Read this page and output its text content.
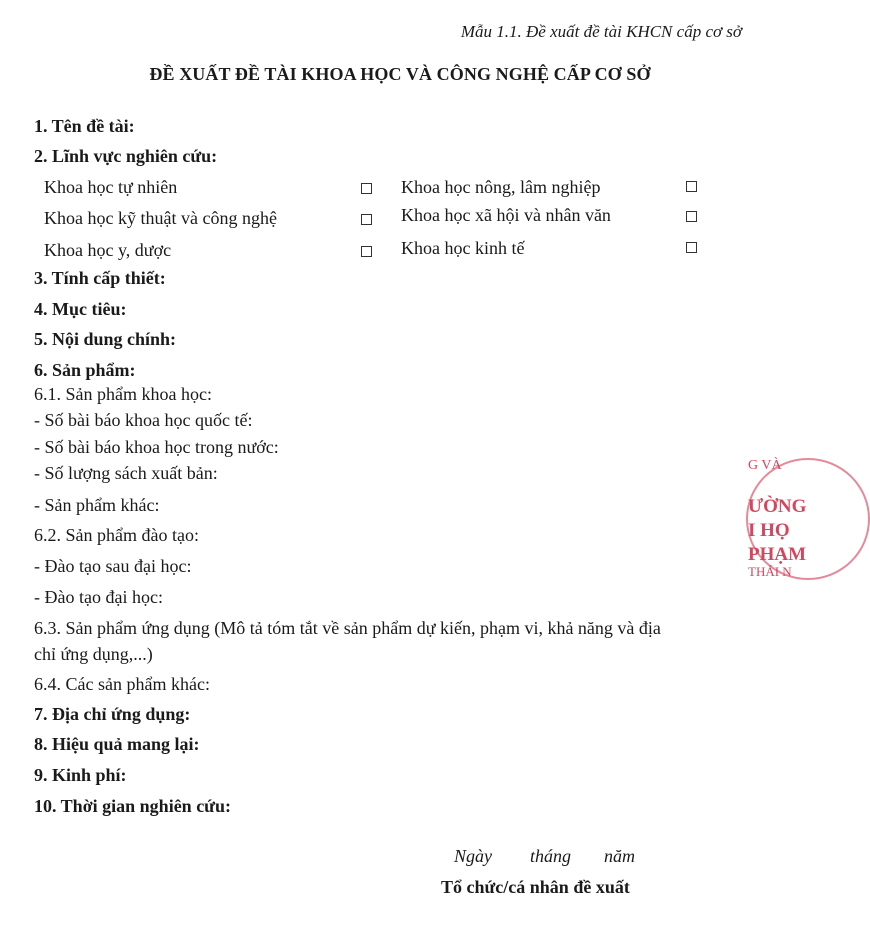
Mẫu 1.1. Đề xuất đề tài KHCN cấp cơ sở
ĐỀ XUẤT ĐỀ TÀI KHOA HỌC VÀ CÔNG NGHỆ CẤP CƠ SỞ
1. Tên đề tài:
2. Lĩnh vực nghiên cứu:
Khoa học tự nhiên	Khoa học nông, lâm nghiệp
Khoa học kỹ thuật và công nghệ	Khoa học xã hội và nhân văn
Khoa học y, dược	Khoa học kinh tế
3. Tính cấp thiết:
4. Mục tiêu:
5. Nội dung chính:
6. Sản phẩm:
6.1. Sản phẩm khoa học:
- Số bài báo khoa học quốc tế:
- Số bài báo khoa học trong nước:
- Số lượng sách xuất bản:
- Sản phẩm khác:
6.2. Sản phẩm đào tạo:
- Đào tạo sau đại học:
- Đào tạo đại học:
6.3. Sản phẩm ứng dụng (Mô tả tóm tắt về sản phẩm dự kiến, phạm vi, khả năng và địa
chỉ ứng dụng,...)
6.4. Các sản phẩm khác:
7. Địa chỉ ứng dụng:
8. Hiệu quả mang lại:
9. Kinh phí:
10. Thời gian nghiên cứu:
Ngày tháng năm
Tổ chức/cá nhân đề xuất
G VÀ
ƯỜNG
I HỌ
PHẠM
THÁI N
